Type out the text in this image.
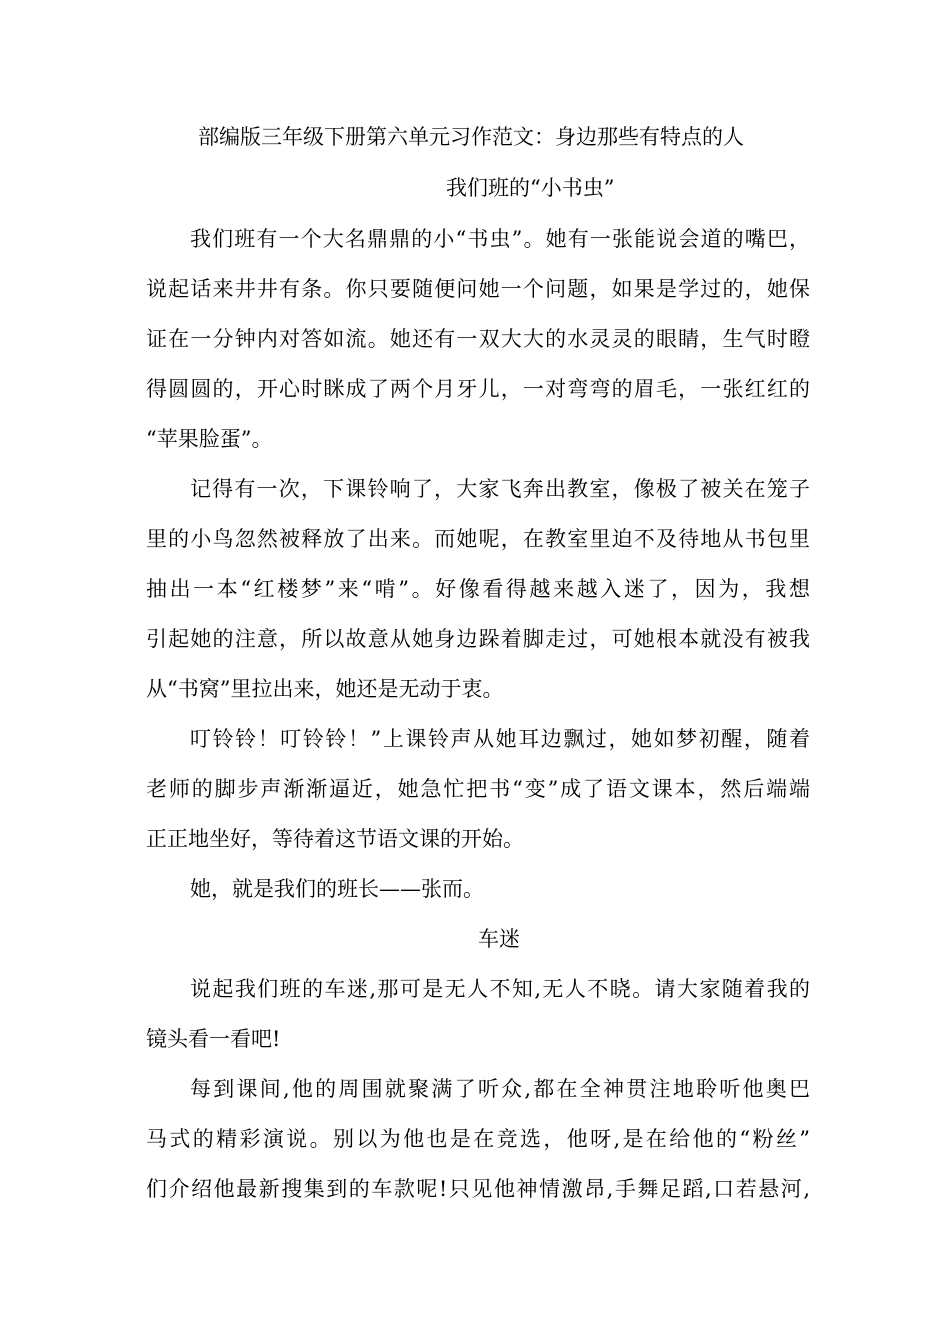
部编版三年级下册第六单元习作范文：身边那些有特点的人
我们班的“小书虫”
我们班有一个大名鼎鼎的小“书虫”。她有一张能说会道的嘴巴，
说起话来井井有条。你只要随便问她一个问题，如果是学过的，她保
证在一分钟内对答如流。她还有一双大大的水灵灵的眼睛，生气时瞪
得圆圆的，开心时眯成了两个月牙儿，一对弯弯的眉毛，一张红红的
“苹果脸蛋”。
记得有一次，下课铃响了，大家飞奔出教室，像极了被关在笼子
里的小鸟忽然被释放了出来。而她呢，在教室里迫不及待地从书包里
抽出一本“红楼梦”来“啃”。好像看得越来越入迷了，因为，我想
引起她的注意，所以故意从她身边跺着脚走过，可她根本就没有被我
从“书窝”里拉出来，她还是无动于衷。
叮铃铃！叮铃铃！”上课铃声从她耳边飘过，她如梦初醒，随着
老师的脚步声渐渐逼近，她急忙把书“变”成了语文课本，然后端端
正正地坐好，等待着这节语文课的开始。
她，就是我们的班长——张而。
车迷
说起我们班的车迷,那可是无人不知,无人不晓。请大家随着我的
镜头看一看吧!
每到课间,他的周围就聚满了听众,都在全神贯注地聆听他奥巴
马式的精彩演说。别以为他也是在竞选，他呀,是在给他的“粉丝”
们介绍他最新搜集到的车款呢!只见他神情激昂,手舞足蹈,口若悬河,
